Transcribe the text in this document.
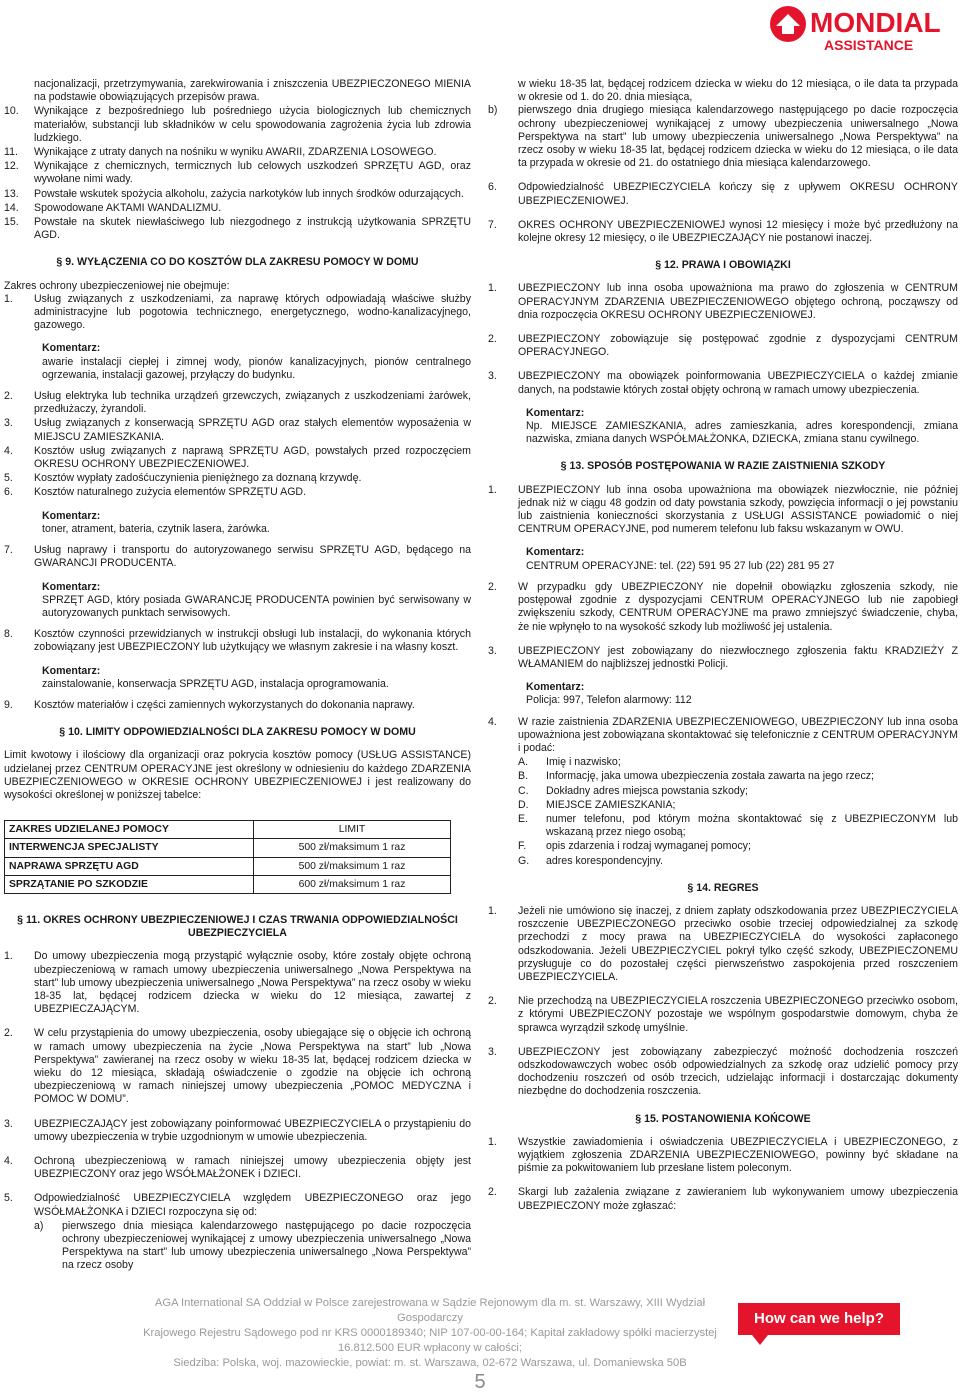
MONDIAL
ASSISTANCE
nacjonalizacji, przetrzymywania, zarekwirowania i zniszczenia UBEZPIECZONEGO MIENIA na podstawie obowiązujących przepisów prawa.
10.	Wynikające z bezpośredniego lub pośredniego użycia biologicznych lub chemicznych materiałów, substancji lub składników w celu spowodowania zagrożenia życia lub zdrowia ludzkiego.
11.	Wynikające z utraty danych na nośniku w wyniku AWARII, ZDARZENIA LOSOWEGO.
12.	Wynikające z chemicznych, termicznych lub celowych uszkodzeń SPRZĘTU AGD, oraz wywołane nimi wady.
13.	Powstałe wskutek spożycia alkoholu, zażycia narkotyków lub innych środków odurzających.
14.	Spowodowane AKTAMI WANDALIZMU.
15.	Powstałe na skutek niewłaściwego lub niezgodnego z instrukcją użytkowania SPRZĘTU AGD.
§ 9. WYŁĄCZENIA CO DO KOSZTÓW DLA ZAKRESU POMOCY W DOMU
Zakres ochrony ubezpieczeniowej nie obejmuje:
1.	Usług związanych z uszkodzeniami, za naprawę których odpowiadają właściwe służby administracyjne lub pogotowia technicznego, energetycznego, wodno-kanalizacyjnego, gazowego.
Komentarz:
awarie instalacji ciepłej i zimnej wody, pionów kanalizacyjnych, pionów centralnego ogrzewania, instalacji gazowej, przyłączy do budynku.
2.	Usług elektryka lub technika urządzeń grzewczych, związanych z uszkodzeniami żarówek, przedłużaczy, żyrandoli.
3.	Usług związanych z konserwacją SPRZĘTU AGD oraz stałych elementów wyposażenia w MIEJSCU ZAMIESZKANIA.
4.	Kosztów usług związanych z naprawą SPRZĘTU AGD, powstałych przed rozpoczęciem OKRESU OCHRONY UBEZPIECZENIOWEJ.
5.	Kosztów wypłaty zadośćuczynienia pieniężnego za doznaną krzywdę.
6.	Kosztów naturalnego zużycia elementów SPRZĘTU AGD.
Komentarz:
toner, atrament, bateria, czytnik lasera, żarówka.
7.	Usług naprawy i transportu do autoryzowanego serwisu SPRZĘTU AGD, będącego na GWARANCJI PRODUCENTA.
Komentarz:
SPRZĘT AGD, który posiada GWARANCJĘ PRODUCENTA powinien być serwisowany w autoryzowanych punktach serwisowych.
8.	Kosztów czynności przewidzianych w instrukcji obsługi lub instalacji, do wykonania których zobowiązany jest UBEZPIECZONY lub użytkujący we własnym zakresie i na własny koszt.
Komentarz:
zainstalowanie, konserwacja SPRZĘTU AGD, instalacja oprogramowania.
9.	Kosztów materiałów i części zamiennych wykorzystanych do dokonania naprawy.
§ 10. LIMITY ODPOWIEDZIALNOŚCI DLA ZAKRESU POMOCY W DOMU
Limit kwotowy i ilościowy dla organizacji oraz pokrycia kosztów pomocy (USŁUG ASSISTANCE) udzielanej przez CENTRUM OPERACYJNE jest określony w odniesieniu do każdego ZDARZENIA UBEZPIECZENIOWEGO w OKRESIE OCHRONY UBEZPIECZENIOWEJ i jest realizowany do wysokości określonej w poniższej tabelce:
ZAKRES UDZIELANEJ POMOCY	LIMIT
INTERWENCJA SPECJALISTY	500 zł/maksimum 1 raz
NAPRAWA SPRZĘTU AGD	500 zł/maksimum 1 raz
SPRZĄTANIE PO SZKODZIE	600 zł/maksimum 1 raz
§ 11. OKRES OCHRONY UBEZPIECZENIOWEJ I CZAS TRWANIA ODPOWIEDZIALNOŚCI UBEZPIECZYCIELA
1.	Do umowy ubezpieczenia mogą przystąpić wyłącznie osoby, które zostały objęte ochroną ubezpieczeniową w ramach umowy ubezpieczenia uniwersalnego „Nowa Perspektywa na start” lub umowy ubezpieczenia uniwersalnego „Nowa Perspektywa” na rzecz osoby w wieku 18-35 lat, będącej rodzicem dziecka w wieku do 12 miesiąca, zawartej z UBEZPIECZAJĄCYM.
2.	W celu przystąpienia do umowy ubezpieczenia, osoby ubiegające się o objęcie ich ochroną w ramach umowy ubezpieczenia na życie „Nowa Perspektywa na start” lub „Nowa Perspektywa” zawieranej na rzecz osoby w wieku 18-35 lat, będącej rodzicem dziecka w wieku do 12 miesiąca, składają oświadczenie o zgodzie na objęcie ich ochroną ubezpieczeniową w ramach niniejszej umowy ubezpieczenia „POMOC MEDYCZNA i POMOC W DOMU”.
3.	UBEZPIECZAJĄCY jest zobowiązany poinformować UBEZPIECZYCIELA o przystąpieniu do umowy ubezpieczenia w trybie uzgodnionym w umowie ubezpieczenia.
4.	Ochroną ubezpieczeniową w ramach niniejszej umowy ubezpieczenia objęty jest UBEZPIECZONY oraz jego WSÓŁMAŁŻONEK i DZIECI.
5.	Odpowiedzialność UBEZPIECZYCIELA względem UBEZPIECZONEGO oraz jego WSÓŁMAŁŻONKA i DZIECI rozpoczyna się od:
a)	pierwszego dnia miesiąca kalendarzowego następującego po dacie rozpoczęcia ochrony ubezpieczeniowej wynikającej z umowy ubezpieczenia uniwersalnego „Nowa Perspektywa na start” lub umowy ubezpieczenia uniwersalnego „Nowa Perspektywa” na rzecz osoby
w wieku 18-35 lat, będącej rodzicem dziecka w wieku do 12 miesiąca, o ile data ta przypada w okresie od 1. do 20. dnia miesiąca,
b)	pierwszego dnia drugiego miesiąca kalendarzowego następującego po dacie rozpoczęcia ochrony ubezpieczeniowej wynikającej z umowy ubezpieczenia uniwersalnego „Nowa Perspektywa na start” lub umowy ubezpieczenia uniwersalnego „Nowa Perspektywa” na rzecz osoby w wieku 18-35 lat, będącej rodzicem dziecka w wieku do 12 miesiąca, o ile data ta przypada w okresie od 21. do ostatniego dnia miesiąca kalendarzowego.
6.	Odpowiedzialność UBEZPIECZYCIELA kończy się z upływem OKRESU OCHRONY UBEZPIECZENIOWEJ.
7.	OKRES OCHRONY UBEZPIECZENIOWEJ wynosi 12 miesięcy i może być przedłużony na kolejne okresy 12 miesięcy, o ile UBEZPIECZAJĄCY nie postanowi inaczej.
§ 12. PRAWA I OBOWIĄZKI
1.	UBEZPIECZONY lub inna osoba upoważniona ma prawo do zgłoszenia w CENTRUM OPERACYJNYM ZDARZENIA UBEZPIECZENIOWEGO objętego ochroną, począwszy od dnia rozpoczęcia OKRESU OCHRONY UBEZPIECZENIOWEJ.
2.	UBEZPIECZONY zobowiązuje się postępować zgodnie z dyspozycjami CENTRUM OPERACYJNEGO.
3.	UBEZPIECZONY ma obowiązek poinformowania UBEZPIECZYCIELA o każdej zmianie danych, na podstawie których został objęty ochroną w ramach umowy ubezpieczenia.
Komentarz:
Np. MIEJSCE ZAMIESZKANIA, adres zamieszkania, adres korespondencji, zmiana nazwiska, zmiana danych WSPÓŁMAŁŻONKA, DZIECKA, zmiana stanu cywilnego.
§ 13. SPOSÓB POSTĘPOWANIA W RAZIE ZAISTNIENIA SZKODY
1.	UBEZPIECZONY lub inna osoba upoważniona ma obowiązek niezwłocznie, nie później jednak niż w ciągu 48 godzin od daty powstania szkody, powzięcia informacji o jej powstaniu lub zaistnienia konieczności skorzystania z USŁUGI ASSISTANCE powiadomić o niej CENTRUM OPERACYJNE, pod numerem telefonu lub faksu wskazanym w OWU.
Komentarz:
CENTRUM OPERACYJNE: tel. (22) 591 95 27 lub (22) 281 95 27
2.	W przypadku gdy UBEZPIECZONY nie dopełnił obowiązku zgłoszenia szkody, nie postępował zgodnie z dyspozycjami CENTRUM OPERACYJNEGO lub nie zapobiegł zwiększeniu szkody, CENTRUM OPERACYJNE ma prawo zmniejszyć świadczenie, chyba, że nie wpłynęło to na wysokość szkody lub możliwość jej ustalenia.
3.	UBEZPIECZONY jest zobowiązany do niezwłocznego zgłoszenia faktu KRADZIEŻY Z WŁAMANIEM do najbliższej jednostki Policji.
Komentarz:
Policja: 997, Telefon alarmowy: 112
4.	W razie zaistnienia ZDARZENIA UBEZPIECZENIOWEGO, UBEZPIECZONY lub inna osoba upoważniona jest zobowiązana skontaktować się telefonicznie z CENTRUM OPERACYJNYM i podać:
A.	Imię i nazwisko;
B.	Informację, jaka umowa ubezpieczenia została zawarta na jego rzecz;
C.	Dokładny adres miejsca powstania szkody;
D.	MIEJSCE ZAMIESZKANIA;
E.	numer telefonu, pod którym można skontaktować się z UBEZPIECZONYM lub wskazaną przez niego osobą;
F.	opis zdarzenia i rodzaj wymaganej pomocy;
G.	adres korespondencyjny.
§ 14. REGRES
1.	Jeżeli nie umówiono się inaczej, z dniem zapłaty odszkodowania przez UBEZPIECZYCIELA roszczenie UBEZPIECZONEGO przeciwko osobie trzeciej odpowiedzialnej za szkodę przechodzi z mocy prawa na UBEZPIECZYCIELA do wysokości zapłaconego odszkodowania. Jeżeli UBEZPIECZYCIEL pokrył tylko część szkody, UBEZPIECZONEMU przysługuje co do pozostałej części pierwszeństwo zaspokojenia przed roszczeniem UBEZPIECZYCIELA.
2.	Nie przechodzą na UBEZPIECZYCIELA roszczenia UBEZPIECZONEGO przeciwko osobom, z którymi UBEZPIECZONY pozostaje we wspólnym gospodarstwie domowym, chyba że sprawca wyrządził szkodę umyślnie.
3.	UBEZPIECZONY jest zobowiązany zabezpieczyć możność dochodzenia roszczeń odszkodowawczych wobec osób odpowiedzialnych za szkodę oraz udzielić pomocy przy dochodzeniu roszczeń od osób trzecich, udzielając informacji i dostarczając dokumenty niezbędne do dochodzenia roszczenia.
§ 15. POSTANOWIENIA KOŃCOWE
1.	Wszystkie zawiadomienia i oświadczenia UBEZPIECZYCIELA i UBEZPIECZONEGO, z wyjątkiem zgłoszenia ZDARZENIA UBEZPIECZENIOWEGO, powinny być składane na piśmie za pokwitowaniem lub przesłane listem poleconym.
2.	Skargi lub zażalenia związane z zawieraniem lub wykonywaniem umowy ubezpieczenia UBEZPIECZONY może zgłaszać:
AGA International SA Oddział w Polsce zarejestrowana w Sądzie Rejonowym dla m. st. Warszawy, XIII Wydział Gospodarczy
Krajowego Rejestru Sądowego pod nr KRS 0000189340; NIP 107-00-00-164; Kapitał zakładowy spółki macierzystej 16.812.500 EUR wpłacony w całości;
Siedziba: Polska, woj. mazowieckie, powiat: m. st. Warszawa, 02-672 Warszawa, ul. Domaniewska 50B
How can we help?
5
